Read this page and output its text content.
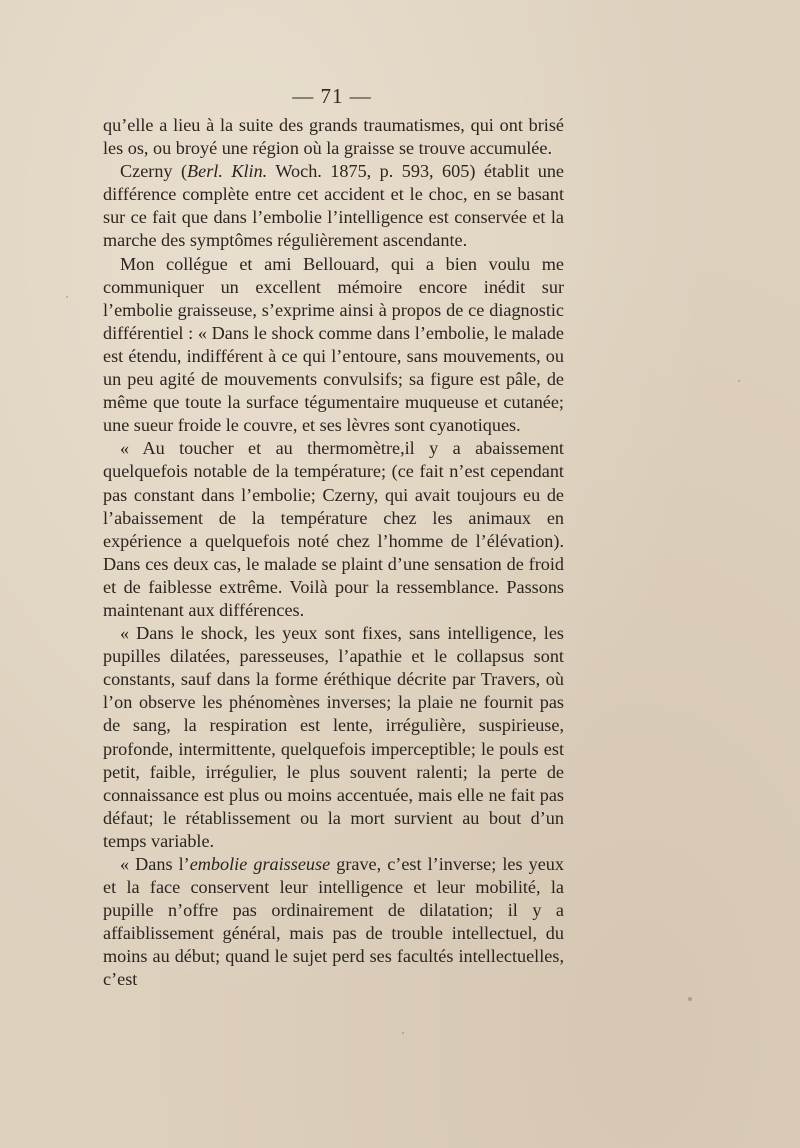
— 71 —

qu’elle a lieu à la suite des grands traumatismes, qui ont brisé les os, ou broyé une région où la graisse se trouve accumulée.

Czerny (Berl. Klin. Woch. 1875, p. 593, 605) établit une différence complète entre cet accident et le choc, en se basant sur ce fait que dans l’embolie l’intelligence est conservée et la marche des symptômes régulièrement ascendante.

Mon collégue et ami Bellouard, qui a bien voulu me communiquer un excellent mémoire encore inédit sur l’embolie graisseuse, s’exprime ainsi à propos de ce diagnostic différentiel : « Dans le shock comme dans l’embolie, le malade est étendu, indifférent à ce qui l’entoure, sans mouvements, ou un peu agité de mouvements convulsifs; sa figure est pâle, de même que toute la surface tégumentaire muqueuse et cutanée; une sueur froide le couvre, et ses lèvres sont cyanotiques.

« Au toucher et au thermomètre,il y a abaissement quelquefois notable de la température; (ce fait n’est cependant pas constant dans l’embolie; Czerny, qui avait toujours eu de l’abaissement de la température chez les animaux en expérience a quelquefois noté chez l’homme de l’élévation). Dans ces deux cas, le malade se plaint d’une sensation de froid et de faiblesse extrême. Voilà pour la ressemblance. Passons maintenant aux différences.

« Dans le shock, les yeux sont fixes, sans intelligence, les pupilles dilatées, paresseuses, l’apathie et le collapsus sont constants, sauf dans la forme éréthique décrite par Travers, où l’on observe les phénomènes inverses; la plaie ne fournit pas de sang, la respiration est lente, irrégulière, suspirieuse, profonde, intermittente, quelquefois imperceptible; le pouls est petit, faible, irrégulier, le plus souvent ralenti; la perte de connaissance est plus ou moins accentuée, mais elle ne fait pas défaut; le rétablissement ou la mort survient au bout d’un temps variable.

« Dans l’embolie graisseuse grave, c’est l’inverse; les yeux et la face conservent leur intelligence et leur mobilité, la pupille n’offre pas ordinairement de dilatation; il y a affaiblissement général, mais pas de trouble intellectuel, du moins au début; quand le sujet perd ses facultés intellectuelles, c’est
